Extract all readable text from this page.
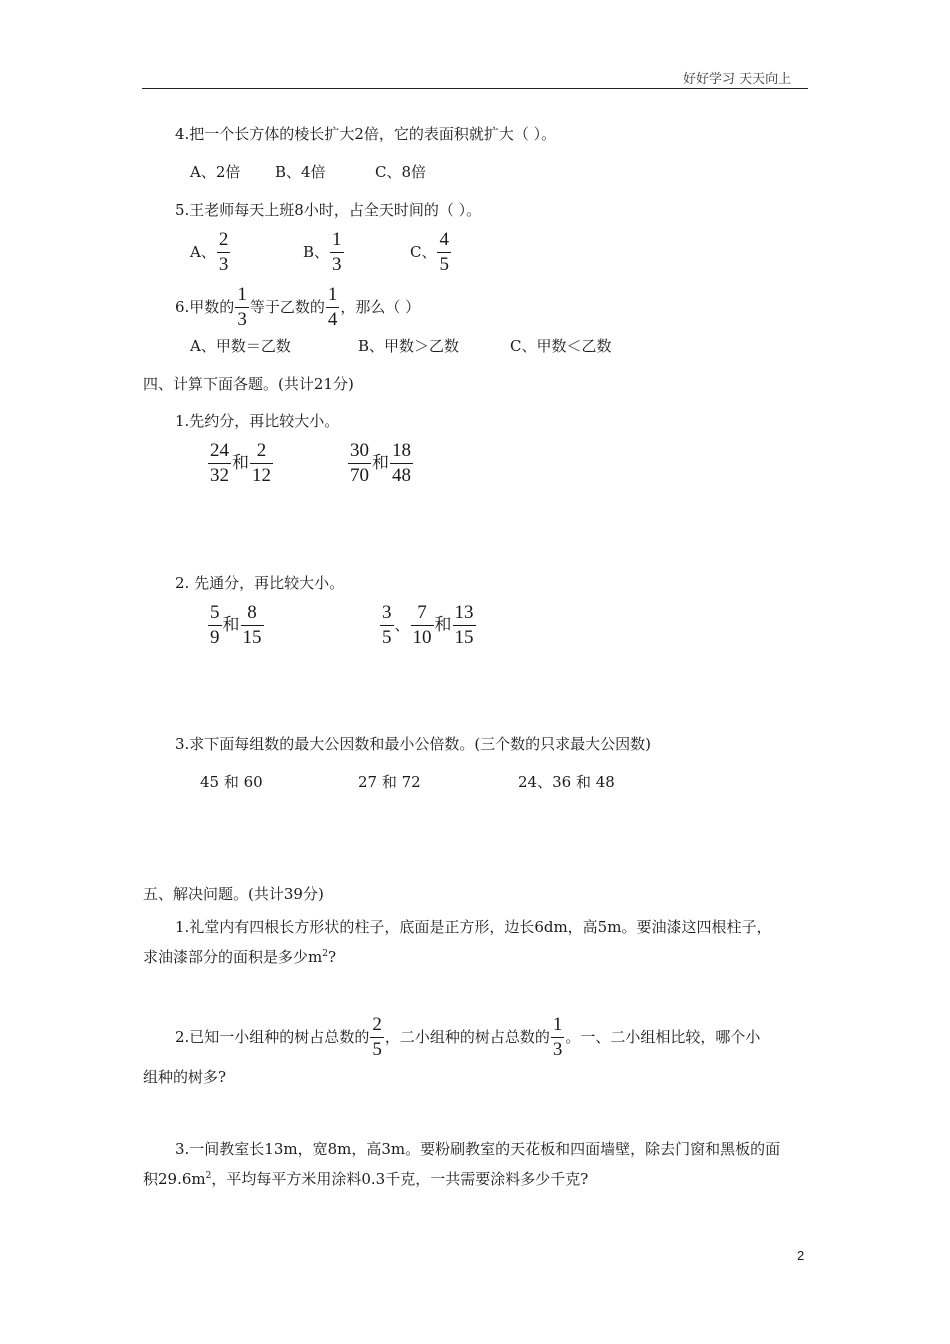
好好学习 天天向上
4.把一个长方体的棱长扩大2倍，它的表面积就扩大（ ）。
A、2倍 B、4倍	C、8倍
5.王老师每天上班8小时，占全天时间的（ ）。
A、 $\frac{2}{3}$	B、 $\frac{1}{3}$	C、 $\frac{4}{5}$
6.甲数的 $\frac{1}{3}$ 等于乙数的 $\frac{1}{4}$ ，那么（ ）
A、甲数＝乙数	B、甲数＞乙数	C、甲数＜乙数
四、计算下面各题。(共计21分)
1.先约分，再比较大小。
$\frac{24}{32}$ 和 $\frac{2}{12}$	$\frac{30}{70}$ 和 $\frac{18}{48}$
2. 先通分，再比较大小。
$\frac{5}{9}$ 和 $\frac{8}{15}$	$\frac{3}{5}$ 、 $\frac{7}{10}$ 和 $\frac{13}{15}$
3.求下面每组数的最大公因数和最小公倍数。(三个数的只求最大公因数)
45 和 60	27 和 72	24、36 和 48
五、解决问题。(共计39分)
1.礼堂内有四根长方形状的柱子，底面是正方形，边长6dm，高5m。要油漆这四根柱子，
求油漆部分的面积是多少$m^2$?
2.已知一小组种的树占总数的 $\frac{2}{5}$ ，二小组种的树占总数的 $\frac{1}{3}$ 。一、二小组相比较，哪个小
组种的树多?
3.一间教室长13m，宽8m，高3m。要粉刷教室的天花板和四面墙壁，除去门窗和黑板的面
积$29.6m^2$，平均每平方米用涂料0.3千克，一共需要涂料多少千克?
2
